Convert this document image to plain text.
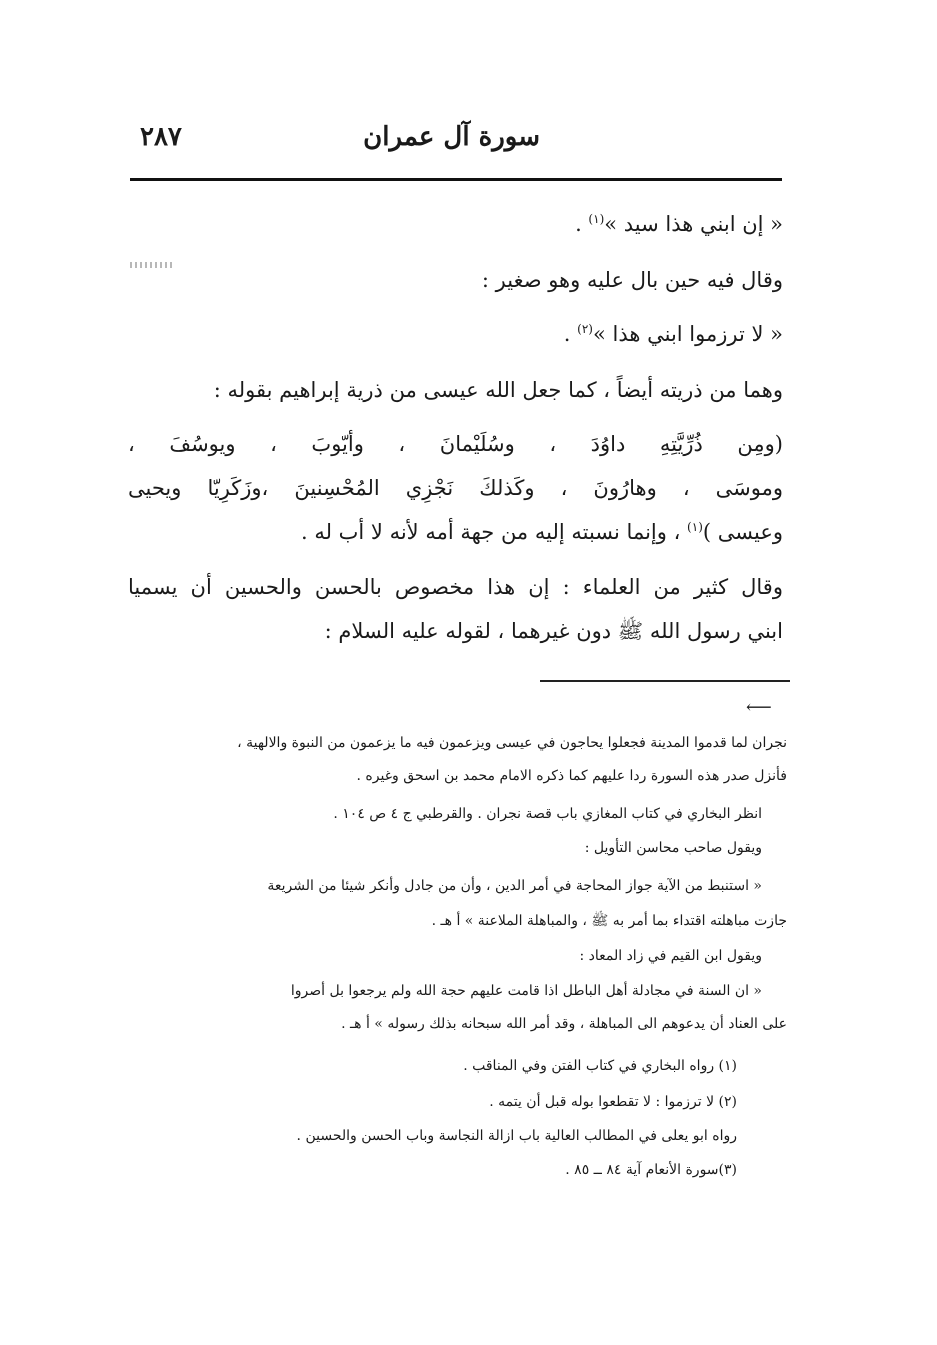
سورة آل عمران
٢٨٧
« إن ابني هذا سيد »$^{(١)}$ .
وقال فيه حين بال عليه وهو صغير :
« لا ترزموا ابني هذا »$^{(٢)}$ .
وهما من ذريته أيضاً ، كما جعل الله عيسى من ذرية إبراهيم بقوله :
(ومِن ذُرِّيَّتِهِ داوُدَ ، وسُلَيْمانَ ، وأيّوبَ ، ويوسُفَ ،
وموسَى ، وهارُونَ ، وكَذلكَ نَجْزِي المُحْسِنينَ ،وزَكَرِيّا ويحيى
وعيسى )$^{(١)}$ ، وإنما نسبته إليه من جهة أمه لأنه لا أب له .
وقال كثير من العلماء : إن هذا مخصوص بالحسن والحسين أن يسميا
ابني رسول الله ﷺ دون غيرهما ، لقوله عليه السلام :
⟵
نجران لما قدموا المدينة فجعلوا يحاجون في عيسى ويزعمون فيه ما يزعمون من النبوة والالهية ،
فأنزل صدر هذه السورة ردا عليهم كما ذكره الامام محمد بن اسحق وغيره .
انظر البخاري في كتاب المغازي باب قصة نجران . والقرطبي ج ٤ ص ١٠٤ .
ويقول صاحب محاسن التأويل :
« استنبط من الآية جواز المحاجة في أمر الدين ، وأن من جادل وأنكر شيئا من الشريعة
جازت مباهلته اقتداء بما أمر به ﷺ ، والمباهلة الملاعنة » أ هـ .
ويقول ابن القيم في زاد المعاد :
« ان السنة في مجادلة أهل الباطل اذا قامت عليهم حجة الله ولم يرجعوا بل أصروا
على العناد أن يدعوهم الى المباهلة ، وقد أمر الله سبحانه بذلك رسوله » أ هـ .
(١) رواه البخاري في كتاب الفتن وفي المناقب .
(٢) لا ترزموا : لا تقطعوا بوله قبل أن يتمه .
رواه ابو يعلى في المطالب العالية باب ازالة النجاسة وباب الحسن والحسين .
(٣)سورة الأنعام آية ٨٤ ــ ٨٥ .
